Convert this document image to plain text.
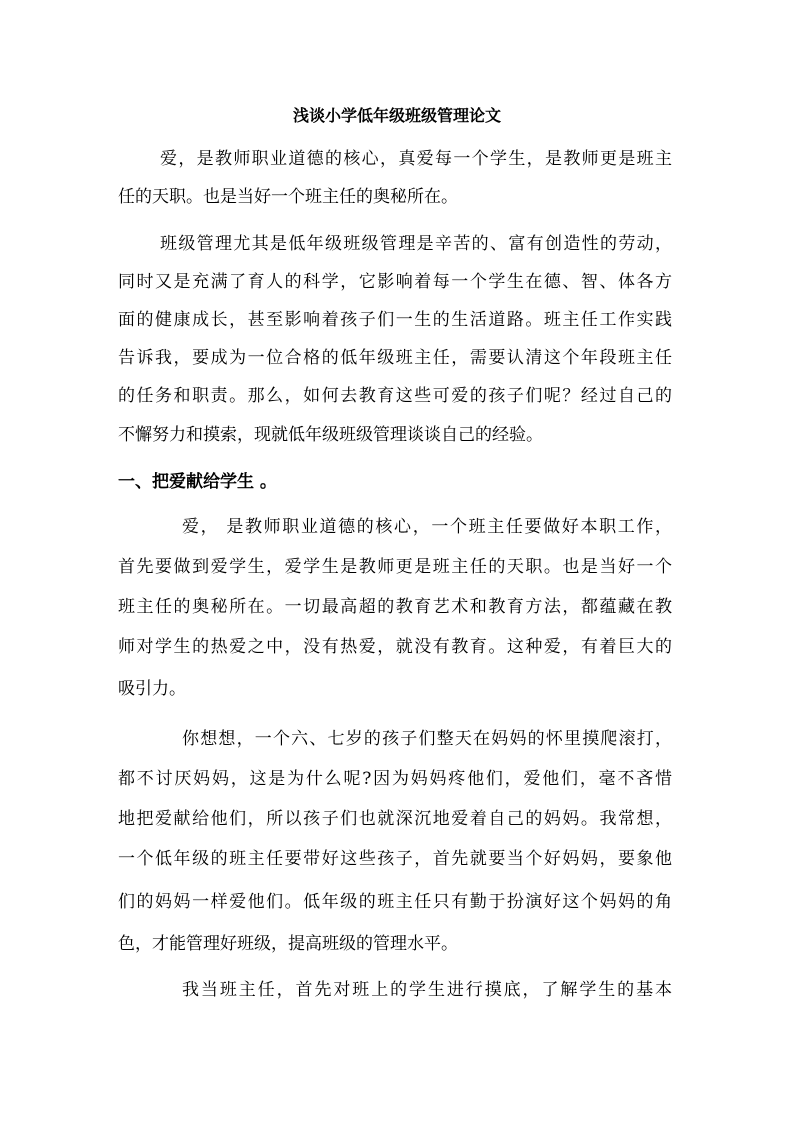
浅谈小学低年级班级管理论文

爱，是教师职业道德的核心，真爱每一个学生，是教师更是班主

任的天职。也是当好一个班主任的奥秘所在。

班级管理尤其是低年级班级管理是辛苦的、富有创造性的劳动，

同时又是充满了育人的科学，它影响着每一个学生在德、智、体各方

面的健康成长，甚至影响着孩子们一生的生活道路。班主任工作实践

告诉我，要成为一位合格的低年级班主任，需要认清这个年段班主任

的任务和职责。那么，如何去教育这些可爱的孩子们呢？经过自己的

不懈努力和摸索，现就低年级班级管理谈谈自己的经验。

一、把爱献给学生 。

爱， 是教师职业道德的核心，一个班主任要做好本职工作，

首先要做到爱学生，爱学生是教师更是班主任的天职。也是当好一个

班主任的奥秘所在。一切最高超的教育艺术和教育方法，都蕴藏在教

师对学生的热爱之中，没有热爱，就没有教育。这种爱，有着巨大的

吸引力。

你想想，一个六、七岁的孩子们整天在妈妈的怀里摸爬滚打，

都不讨厌妈妈，这是为什么呢?因为妈妈疼他们，爱他们，毫不吝惜

地把爱献给他们，所以孩子们也就深沉地爱着自己的妈妈。我常想，

一个低年级的班主任要带好这些孩子，首先就要当个好妈妈，要象他

们的妈妈一样爱他们。低年级的班主任只有勤于扮演好这个妈妈的角

色，才能管理好班级，提高班级的管理水平。

我当班主任，首先对班上的学生进行摸底，了解学生的基本
